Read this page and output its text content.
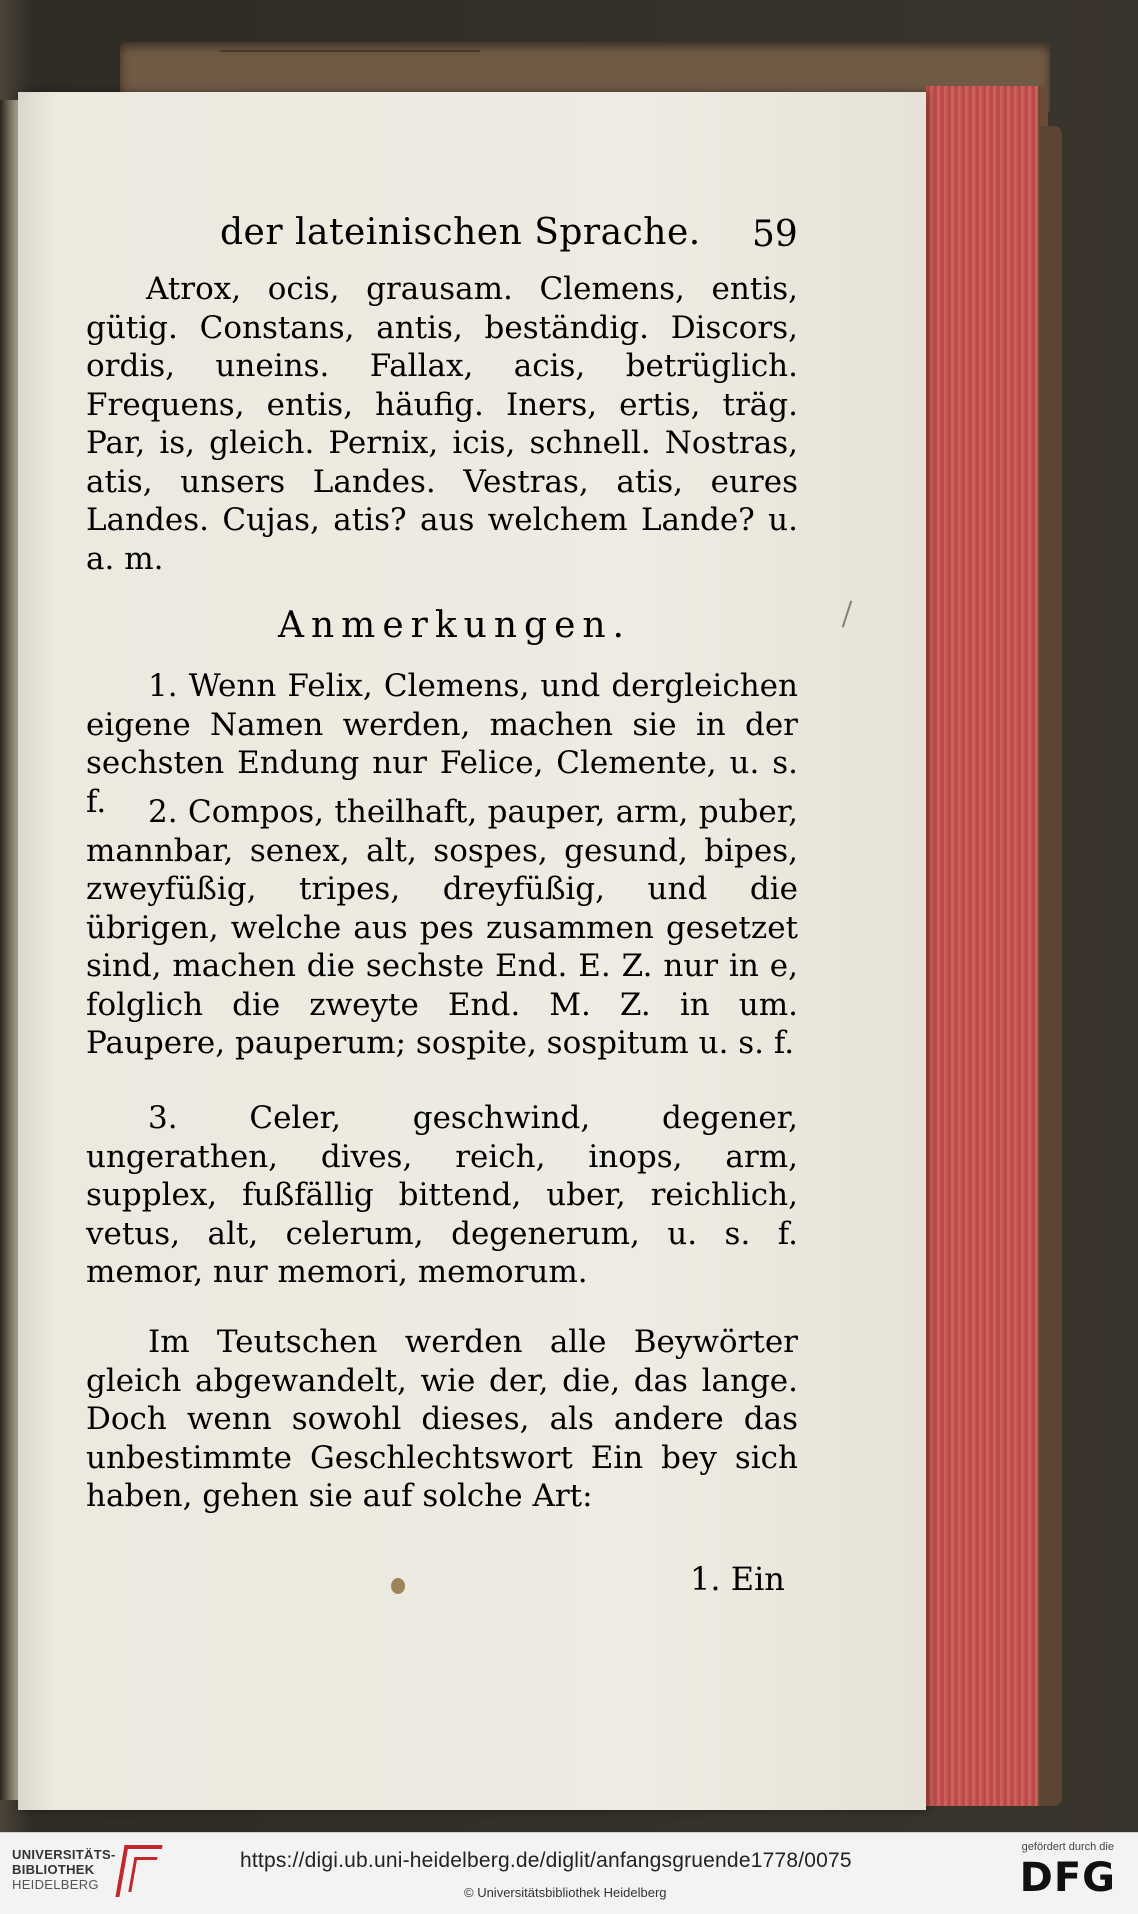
der lateinischen Sprache. 59
Atrox, ocis, grausam. Clemens, entis, gütig. Constans, antis, beständig. Discors, ordis, uneins. Fallax, acis, betrüglich. Frequens, entis, häufig. Iners, ertis, träg. Par, is, gleich. Pernix, icis, schnell. Nostras, atis, unsers Landes. Vestras, atis, eures Landes. Cujas, atis? aus welchem Lande? u. a. m.
Anmerkungen.
1. Wenn Felix, Clemens, und dergleichen eigene Namen werden, machen sie in der sechsten Endung nur Felice, Clemente, u. s. f.	2. Compos, theilhaft, pauper, arm, puber, mannbar, senex, alt, sospes, gesund, bipes, zweyfüßig, tripes, dreyfüßig, und die übrigen, welche aus pes zusammen gesetzet sind, machen die sechste End. E. Z. nur in e, folglich die zweyte End. M. Z. in um. Paupere, pauperum; sospite, sospitum u. s. f.
3. Celer, geschwind, degener, ungerathen, dives, reich, inops, arm, supplex, fußfällig bittend, uber, reichlich, vetus, alt, celerum, degenerum, u. s. f. memor, nur memori, memorum.
Im Teutschen werden alle Beywörter gleich abgewandelt, wie der, die, das lange. Doch wenn sowohl dieses, als andere das unbestimmte Geschlechtswort Ein bey sich haben, gehen sie auf solche Art:
1. Ein
UNIVERSITÄTS-
BIBLIOTHEK
HEIDELBERG
https://digi.ub.uni-heidelberg.de/diglit/anfangsgruende1778/0075
© Universitätsbibliothek Heidelberg
gefördert durch die
DFG
